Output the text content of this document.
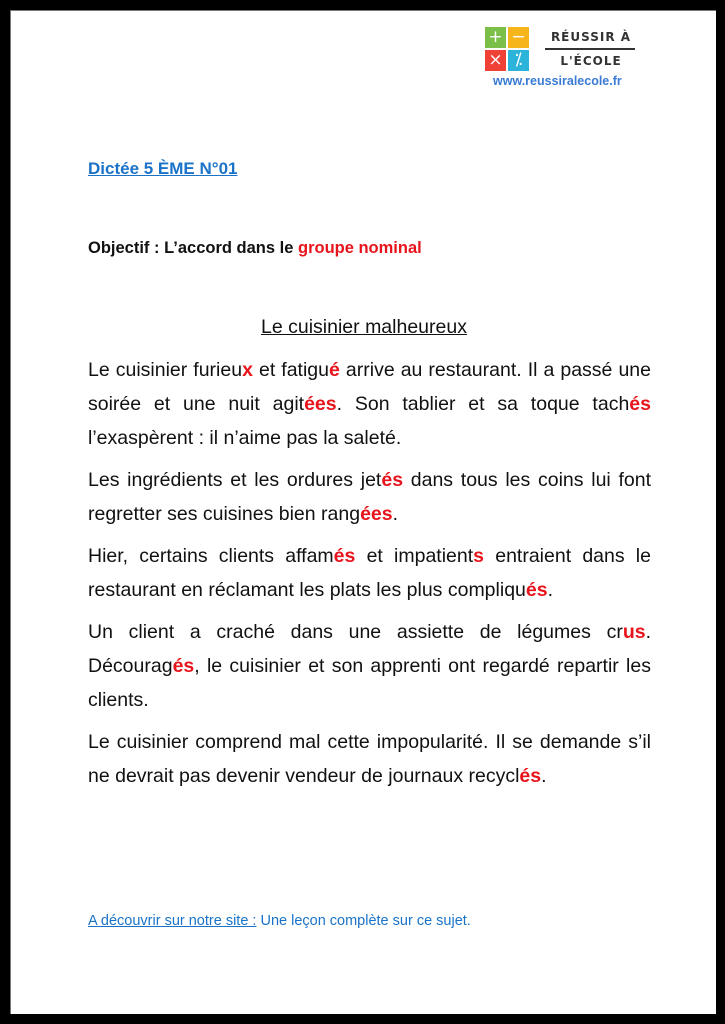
+ −
× ⁒
RÉUSSIR À
L'ÉCOLE
www.reussiralecole.fr
Dictée 5 ÈME N°01
Objectif : L’accord dans le groupe nominal
Le cuisinier malheureux

Le cuisinier furieux et fatigué arrive au restaurant. Il a passé une soirée et une nuit agitées. Son tablier et sa toque tachés l’exaspèrent : il n’aime pas la saleté.

Les ingrédients et les ordures jetés dans tous les coins lui font regretter ses cuisines bien rangées.

Hier, certains clients affamés et impatients entraient dans le restaurant en réclamant les plats les plus compliqués.

Un client a craché dans une assiette de légumes crus. Découragés, le cuisinier et son apprenti ont regardé repartir les clients.

Le cuisinier comprend mal cette impopularité. Il se demande s’il ne devrait pas devenir vendeur de journaux recyclés.

A découvrir sur notre site : Une leçon complète sur ce sujet.
